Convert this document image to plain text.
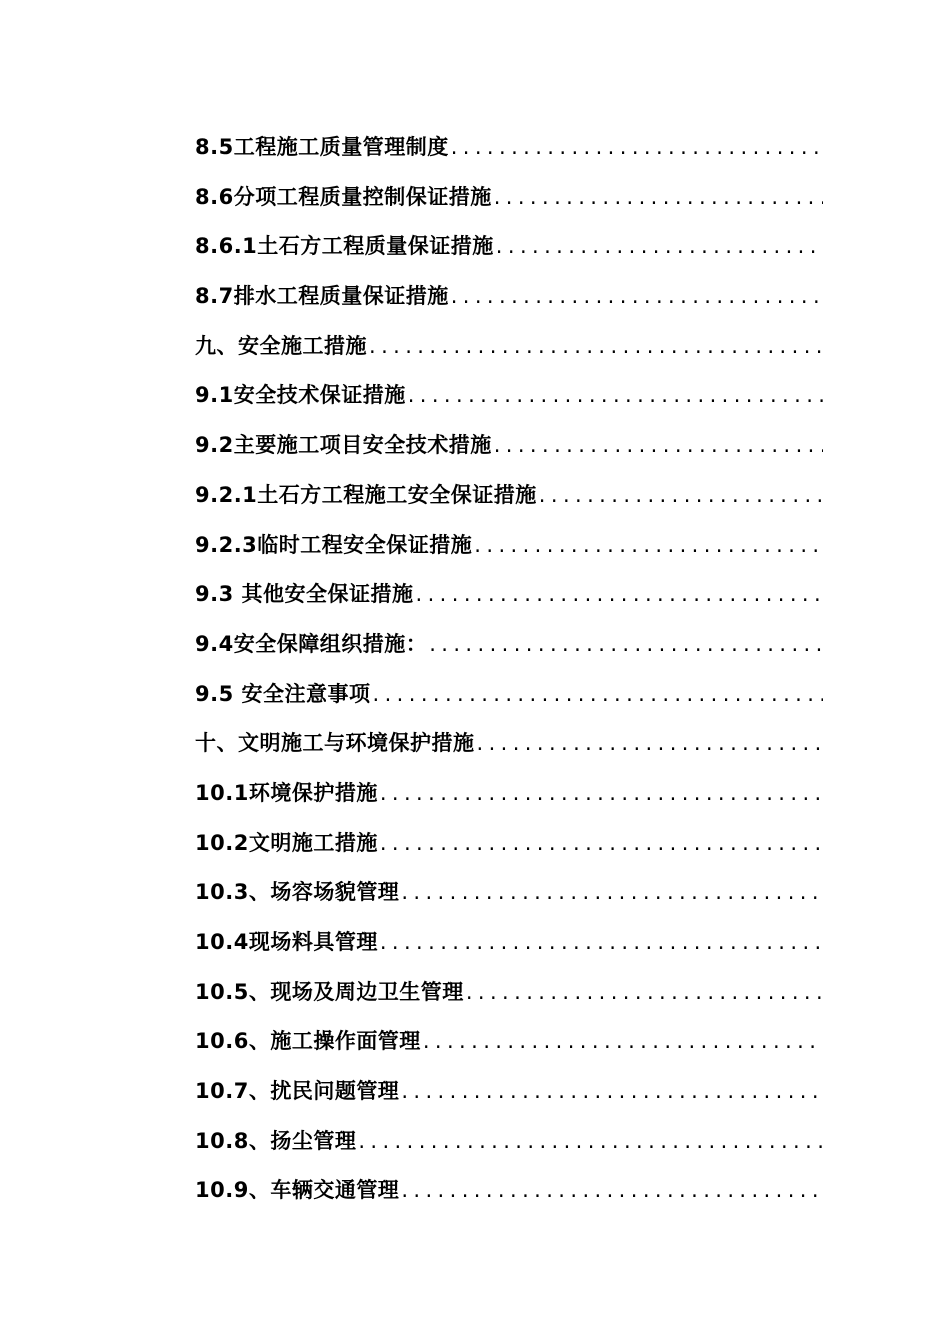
8.5工程施工质量管理制度
.....
8.6分项工程质量控制保证措施
.....
8.6.1土石方工程质量保证措施
.....
8.7排水工程质量保证措施
.....
九、安全施工措施
.....
9.1安全技术保证措施
.....
9.2主要施工项目安全技术措施
.....
9.2.1土石方工程施工安全保证措施
.....
9.2.3临时工程安全保证措施
.....
9.3 其他安全保证措施
.....
9.4安全保障组织措施：
.....
9.5 安全注意事项
.....
十、文明施工与环境保护措施
.....
10.1环境保护措施
.....
10.2文明施工措施
.....
10.3、场容场貌管理
.....
10.4现场料具管理
.....
10.5、现场及周边卫生管理
.....
10.6、施工操作面管理
.....
10.7、扰民问题管理
.....
10.8、扬尘管理
.....
10.9、车辆交通管理
.....
